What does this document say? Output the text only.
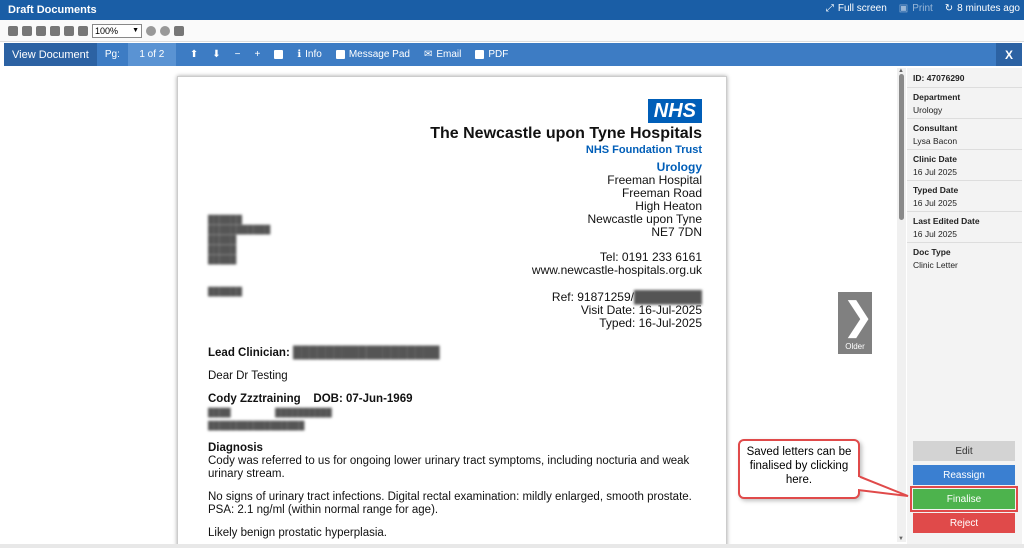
Draft Documents	⤢ Full screen ▣ Print ↻ 8 minutes ago
100% ▼
View Document	Pg:	1 of 2	⬆ ⬇ − +	ℹ Info	Message Pad ✉ Email	PDF	X
NHS
The Newcastle upon Tyne Hospitals
NHS Foundation Trust
Urology
Freeman Hospital
Freeman Road
High Heaton
Newcastle upon Tyne
NE7 7DN
Tel: 0191 233 6161
www.newcastle-hospitals.org.uk
Ref: 91871259/████████
Visit Date: 16-Jul-2025
Typed: 16-Jul-2025
██████
███████████
█████
█████
█████
██████

Lead Clinician: ██████████████████

Dear Dr Testing

Cody Zzztraining DOB: 07-Jun-1969
████                    ██████████
█████████████████
Diagnosis

Cody was referred to us for ongoing lower urinary tract symptoms, including nocturia and weak urinary stream.

No signs of urinary tract infections. Digital rectal examination: mildly enlarged, smooth prostate. PSA: 2.1 ng/ml (within normal range for age).

Likely benign prostatic hyperplasia.

❯
Older
▲
▼
ID: 47076290
Department
Urology
Consultant
Lysa Bacon
Clinic Date
16 Jul 2025
Typed Date
16 Jul 2025
Last Edited Date
16 Jul 2025
Doc Type
Clinic Letter
Edit
Reassign
Finalise
Reject
Saved letters can be finalised by clicking here.
